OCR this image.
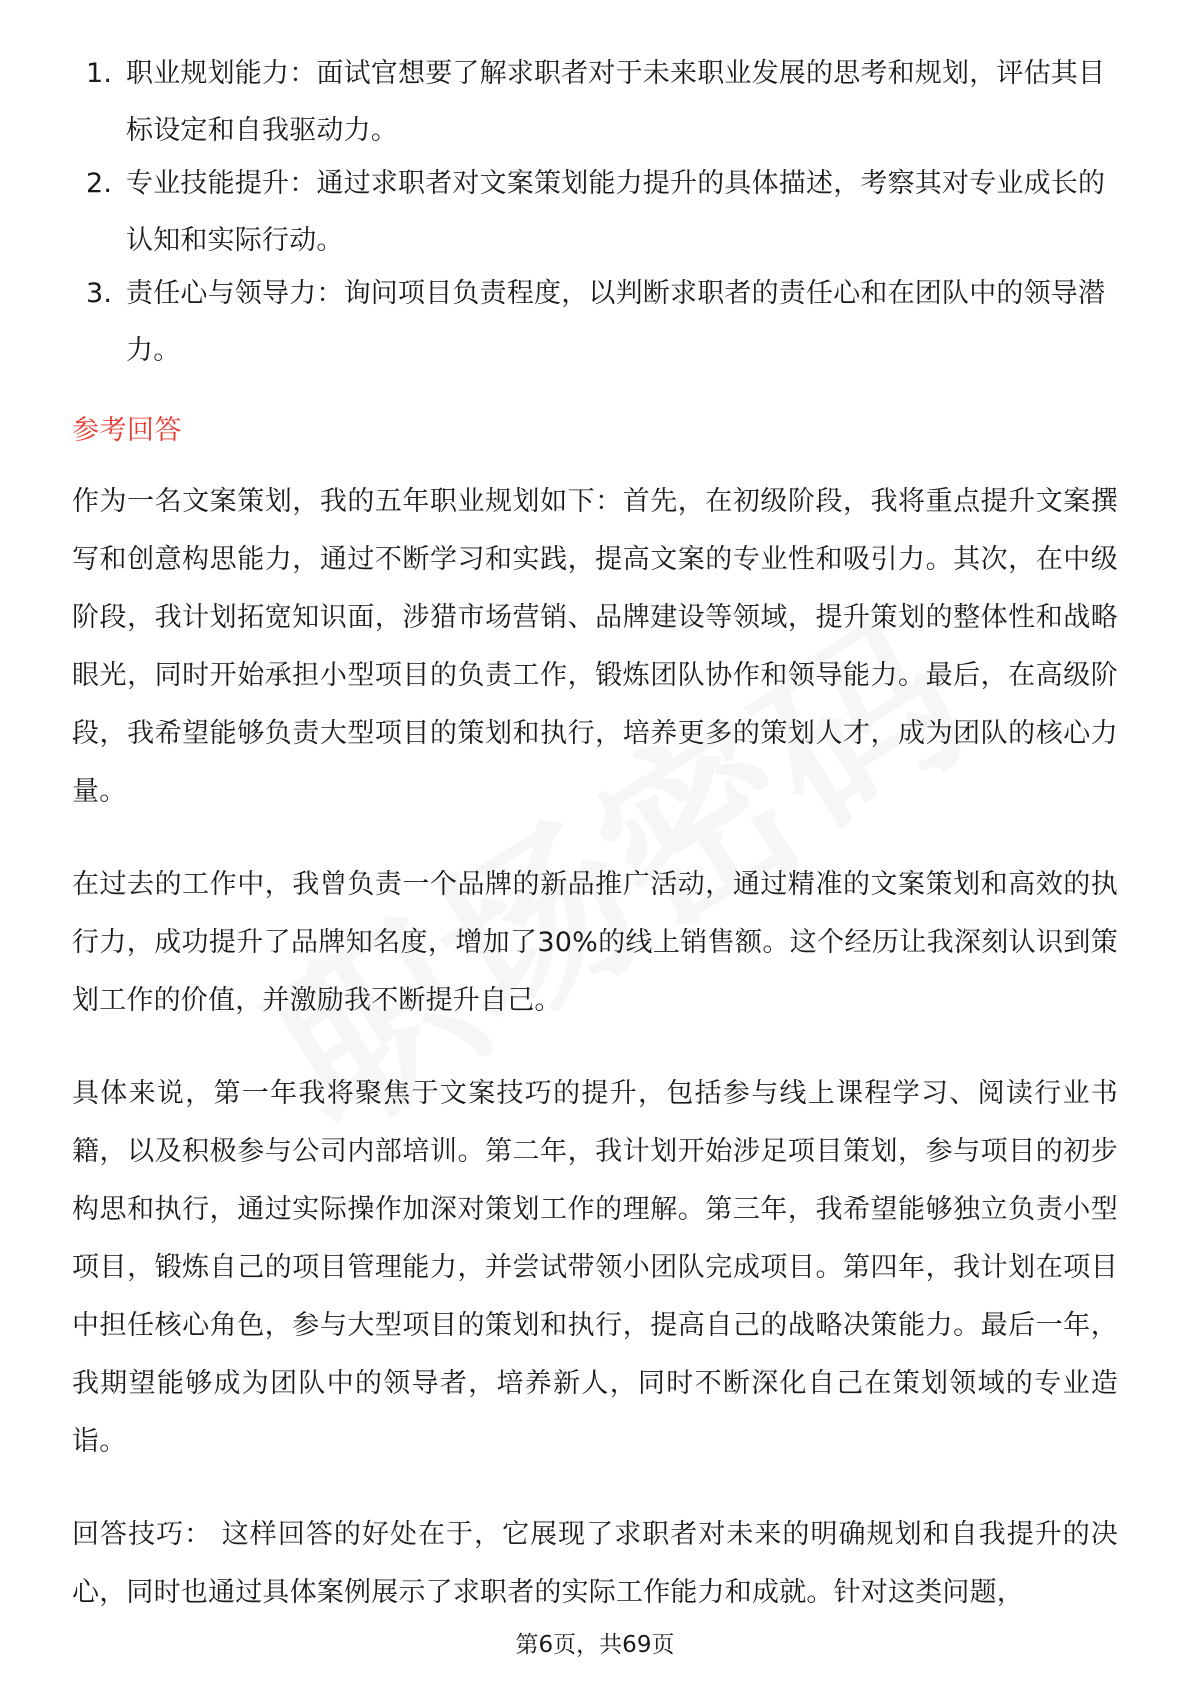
1. 职业规划能力：面试官想要了解求职者对于未来职业发展的思考和规划，评估其目标设定和自我驱动力。
2. 专业技能提升：通过求职者对文案策划能力提升的具体描述，考察其对专业成长的认知和实际行动。
3. 责任心与领导力：询问项目负责程度，以判断求职者的责任心和在团队中的领导潜力。
参考回答

作为一名文案策划，我的五年职业规划如下：首先，在初级阶段，我将重点提升文案撰写和创意构思能力，通过不断学习和实践，提高文案的专业性和吸引力。其次，在中级阶段，我计划拓宽知识面，涉猎市场营销、品牌建设等领域，提升策划的整体性和战略眼光，同时开始承担小型项目的负责工作，锻炼团队协作和领导能力。最后，在高级阶段，我希望能够负责大型项目的策划和执行，培养更多的策划人才，成为团队的核心力量。

在过去的工作中，我曾负责一个品牌的新品推广活动，通过精准的文案策划和高效的执行力，成功提升了品牌知名度，增加了30%的线上销售额。这个经历让我深刻认识到策划工作的价值，并激励我不断提升自己。

具体来说，第一年我将聚焦于文案技巧的提升，包括参与线上课程学习、阅读行业书籍，以及积极参与公司内部培训。第二年，我计划开始涉足项目策划，参与项目的初步构思和执行，通过实际操作加深对策划工作的理解。第三年，我希望能够独立负责小型项目，锻炼自己的项目管理能力，并尝试带领小团队完成项目。第四年，我计划在项目中担任核心角色，参与大型项目的策划和执行，提高自己的战略决策能力。最后一年，我期望能够成为团队中的领导者，培养新人，同时不断深化自己在策划领域的专业造诣。

回答技巧： 这样回答的好处在于，它展现了求职者对未来的明确规划和自我提升的决心，同时也通过具体案例展示了求职者的实际工作能力和成就。针对这类问题，

第6页，共69页
